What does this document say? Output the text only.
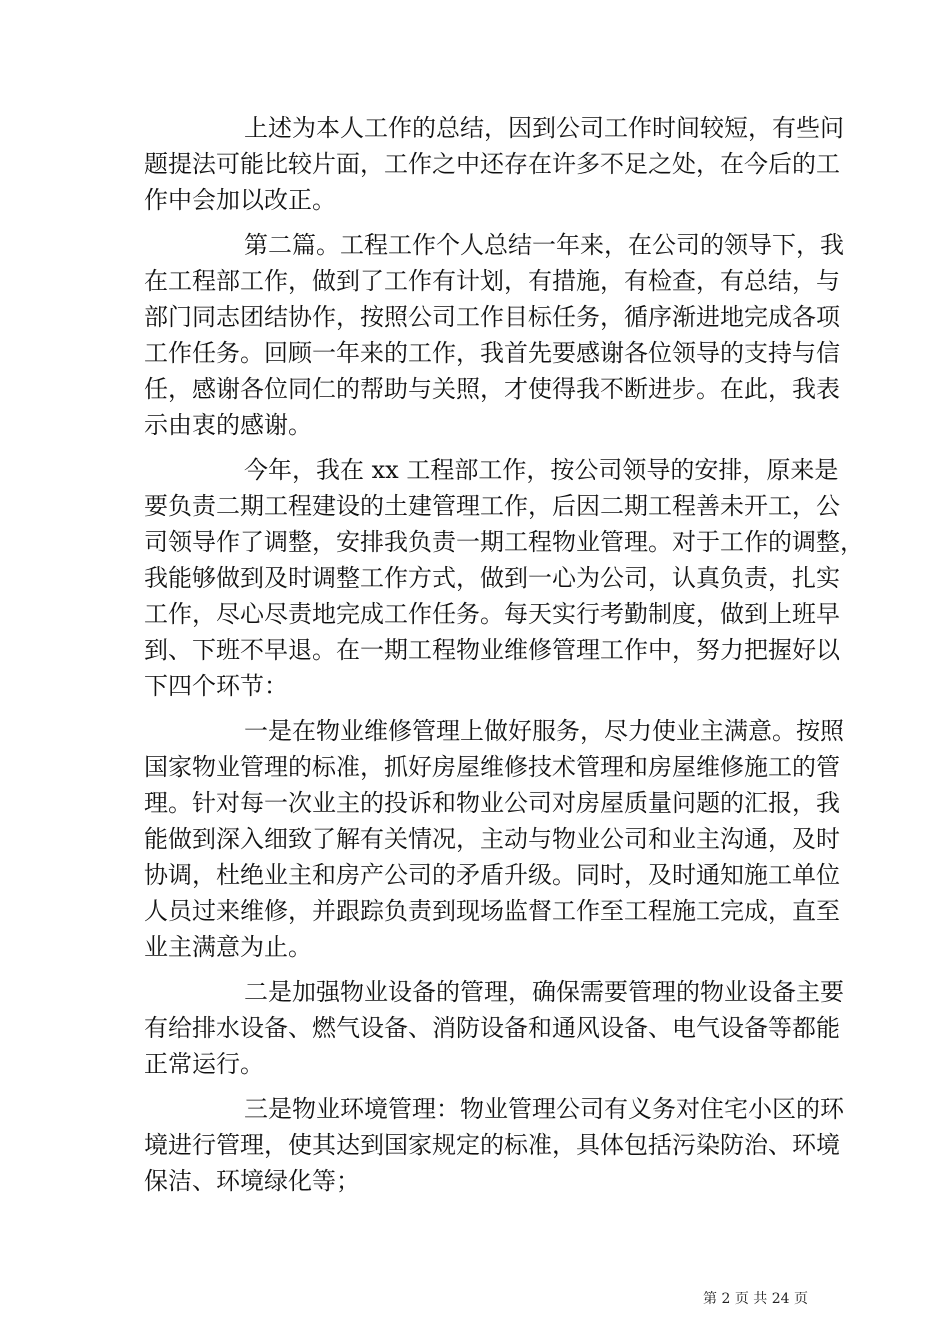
上述为本人工作的总结，因到公司工作时间较短，有些问
题提法可能比较片面，工作之中还存在许多不足之处，在今后的工
作中会加以改正。
第二篇。工程工作个人总结一年来，在公司的领导下，我
在工程部工作，做到了工作有计划，有措施，有检查，有总结，与
部门同志团结协作，按照公司工作目标任务，循序渐进地完成各项
工作任务。回顾一年来的工作，我首先要感谢各位领导的支持与信
任，感谢各位同仁的帮助与关照，才使得我不断进步。在此，我表
示由衷的感谢。
今年，我在 xx 工程部工作，按公司领导的安排，原来是
要负责二期工程建设的土建管理工作，后因二期工程善未开工，公
司领导作了调整，安排我负责一期工程物业管理。对于工作的调整，
我能够做到及时调整工作方式，做到一心为公司，认真负责，扎实
工作，尽心尽责地完成工作任务。每天实行考勤制度，做到上班早
到、下班不早退。在一期工程物业维修管理工作中，努力把握好以
下四个环节：
一是在物业维修管理上做好服务，尽力使业主满意。按照
国家物业管理的标准，抓好房屋维修技术管理和房屋维修施工的管
理。针对每一次业主的投诉和物业公司对房屋质量问题的汇报，我
能做到深入细致了解有关情况，主动与物业公司和业主沟通，及时
协调，杜绝业主和房产公司的矛盾升级。同时，及时通知施工单位
人员过来维修，并跟踪负责到现场监督工作至工程施工完成，直至
业主满意为止。
二是加强物业设备的管理，确保需要管理的物业设备主要
有给排水设备、燃气设备、消防设备和通风设备、电气设备等都能
正常运行。
三是物业环境管理：物业管理公司有义务对住宅小区的环
境进行管理，使其达到国家规定的标准，具体包括污染防治、环境
保洁、环境绿化等；
第 2 页 共 24 页
